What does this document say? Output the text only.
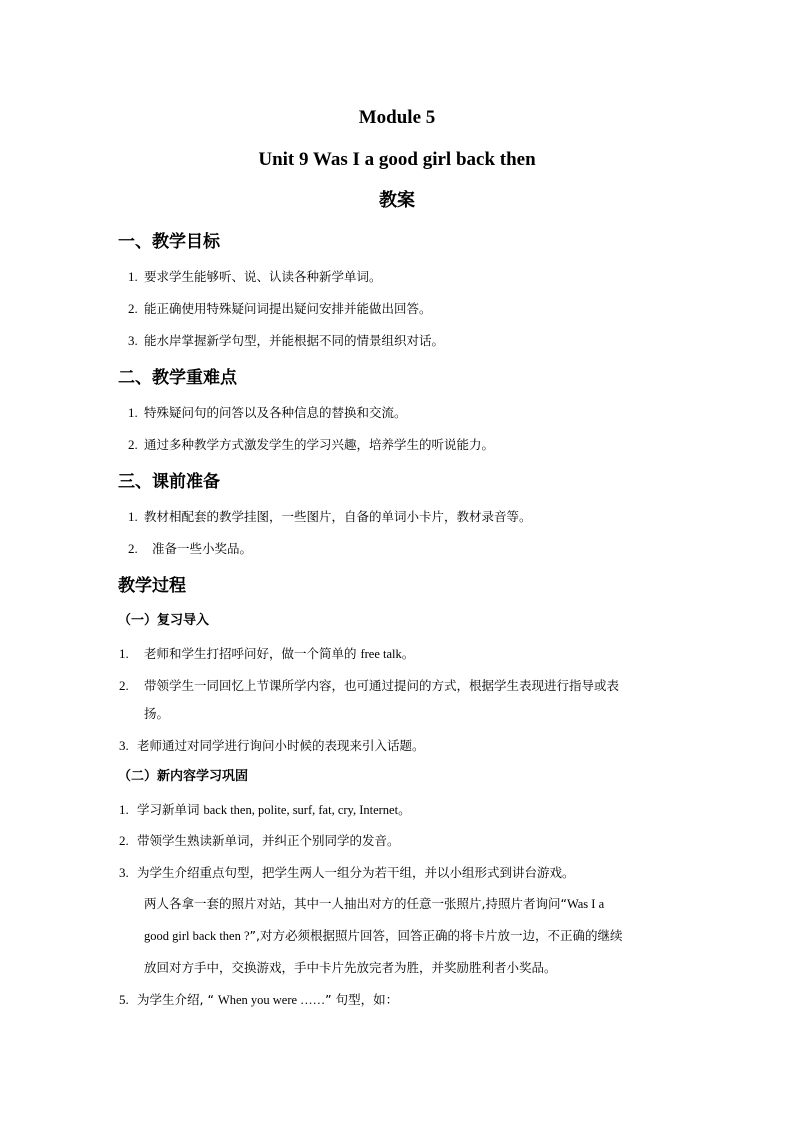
Module 5
Unit 9 Was I a good girl back then
教案
一、教学目标
1. 要求学生能够听、说、认读各种新学单词。
2. 能正确使用特殊疑问词提出疑问安排并能做出回答。
3. 能水岸掌握新学句型，并能根据不同的情景组织对话。
二、教学重难点
1. 特殊疑问句的问答以及各种信息的替换和交流。
2. 通过多种教学方式激发学生的学习兴趣，培养学生的听说能力。
三、课前准备
1. 教材相配套的教学挂图，一些图片，自备的单词小卡片，教材录音等。
2. 准备一些小奖品。
教学过程
（一）复习导入
1. 老师和学生打招呼问好，做一个简单的 free talk。
2. 带领学生一同回忆上节课所学内容，也可通过提问的方式，根据学生表现进行指导或表
扬。
3. 老师通过对同学进行询问小时候的表现来引入话题。
（二）新内容学习巩固
1. 学习新单词 back then, polite, surf, fat, cry, Internet。
2. 带领学生熟读新单词，并纠正个别同学的发音。
3. 为学生介绍重点句型，把学生两人一组分为若干组，并以小组形式到讲台游戏。
两人各拿一套的照片对站，其中一人抽出对方的任意一张照片,持照片者询问“Was I a
good girl back then ?”,对方必须根据照片回答，回答正确的将卡片放一边，不正确的继续
放回对方手中，交换游戏，手中卡片先放完者为胜，并奖励胜利者小奖品。
5. 为学生介绍, “ When you were ……” 句型，如：
